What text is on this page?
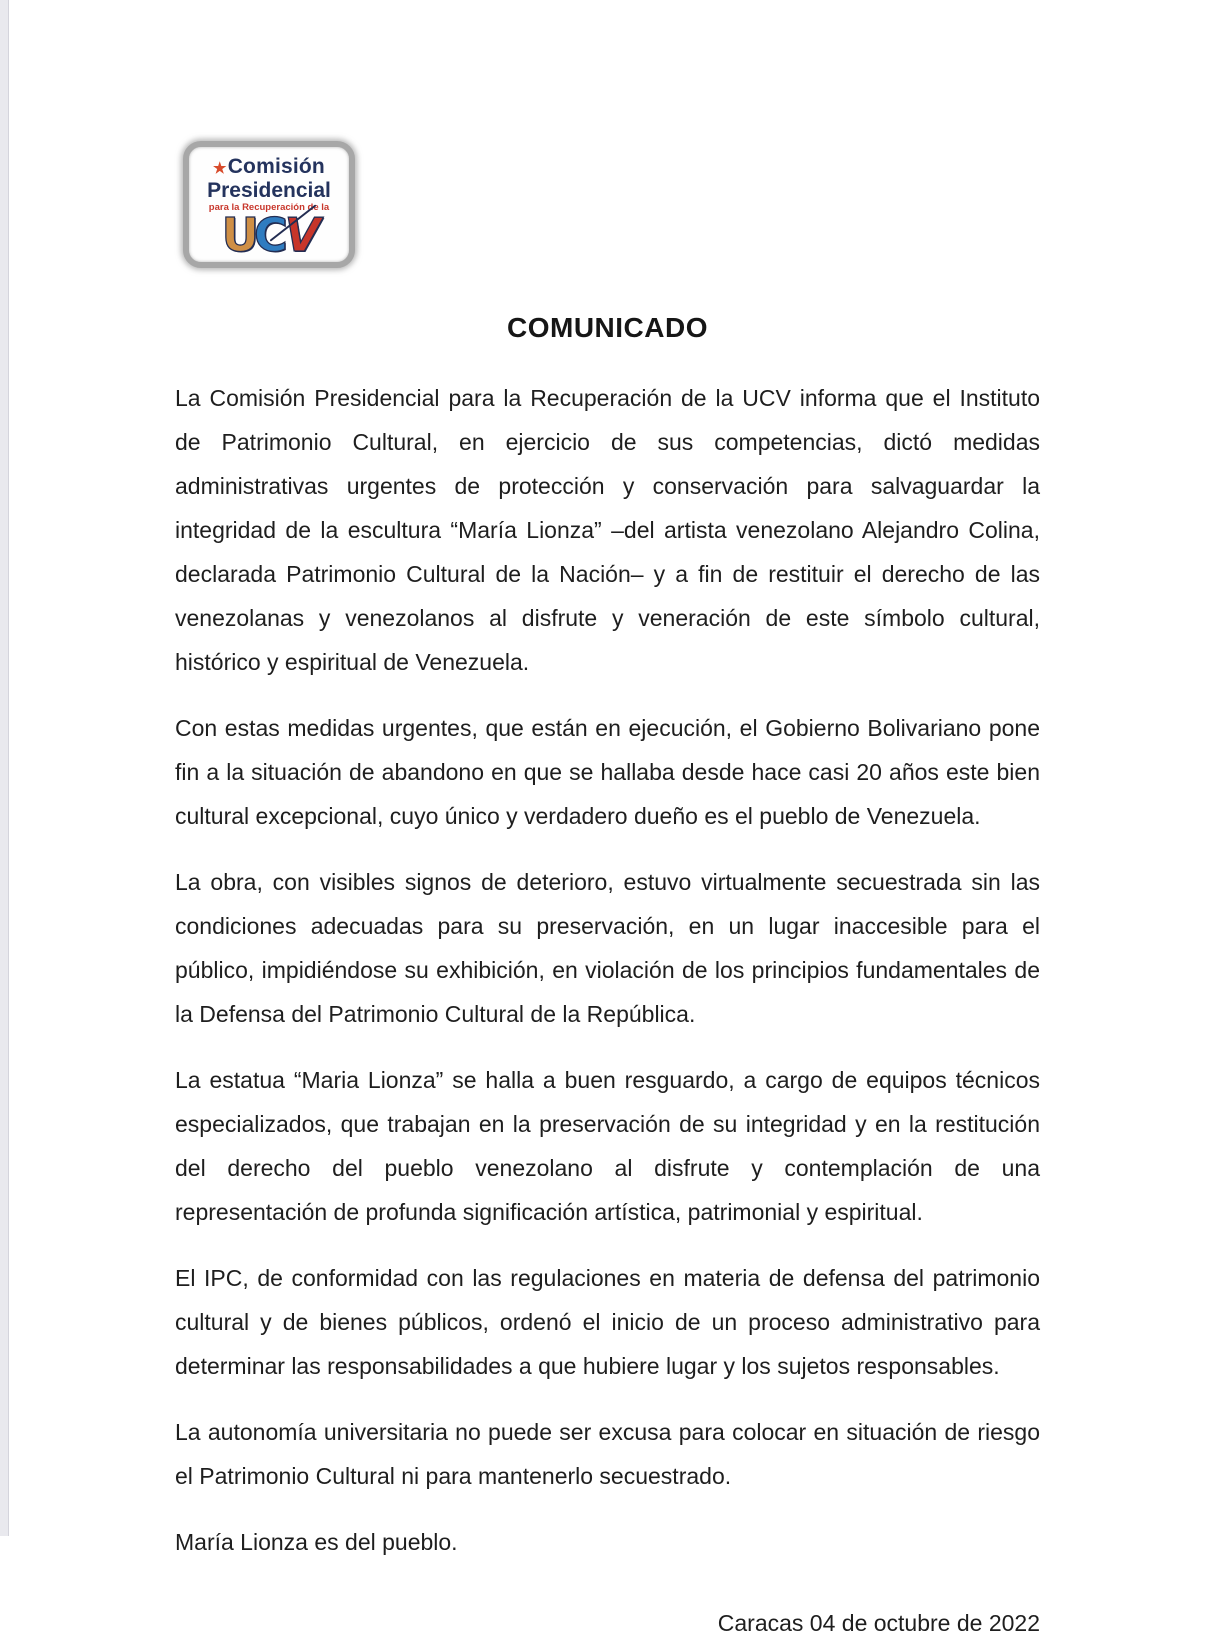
★Comisión
Presidencial
para la Recuperación de la
UCV
COMUNICADO

La Comisión Presidencial para la Recuperación de la UCV informa que el Instituto de Patrimonio Cultural, en ejercicio de sus competencias, dictó medidas administrativas urgentes de protección y conservación para salvaguardar la integridad de la escultura “María Lionza” –del artista venezolano Alejandro Colina, declarada Patrimonio Cultural de la Nación– y a fin de restituir el derecho de las venezolanas y venezolanos al disfrute y veneración de este símbolo cultural, histórico y espiritual de Venezuela.

Con estas medidas urgentes, que están en ejecución, el Gobierno Bolivariano pone fin a la situación de abandono en que se hallaba desde hace casi 20 años este bien cultural excepcional, cuyo único y verdadero dueño es el pueblo de Venezuela.

La obra, con visibles signos de deterioro, estuvo virtualmente secuestrada sin las condiciones adecuadas para su preservación, en un lugar inaccesible para el público, impidiéndose su exhibición, en violación de los principios fundamentales de la Defensa del Patrimonio Cultural de la República.

La estatua “Maria Lionza” se halla a buen resguardo, a cargo de equipos técnicos especializados, que trabajan en la preservación de su integridad y en la restitución del derecho del pueblo venezolano al disfrute y contemplación de una representación de profunda significación artística, patrimonial y espiritual.

El IPC, de conformidad con las regulaciones en materia de defensa del patrimonio cultural y de bienes públicos, ordenó el inicio de un proceso administrativo para determinar las responsabilidades a que hubiere lugar y los sujetos responsables.

La autonomía universitaria no puede ser excusa para colocar en situación de riesgo el Patrimonio Cultural ni para mantenerlo secuestrado.

María Lionza es del pueblo.

Caracas 04 de octubre de 2022
